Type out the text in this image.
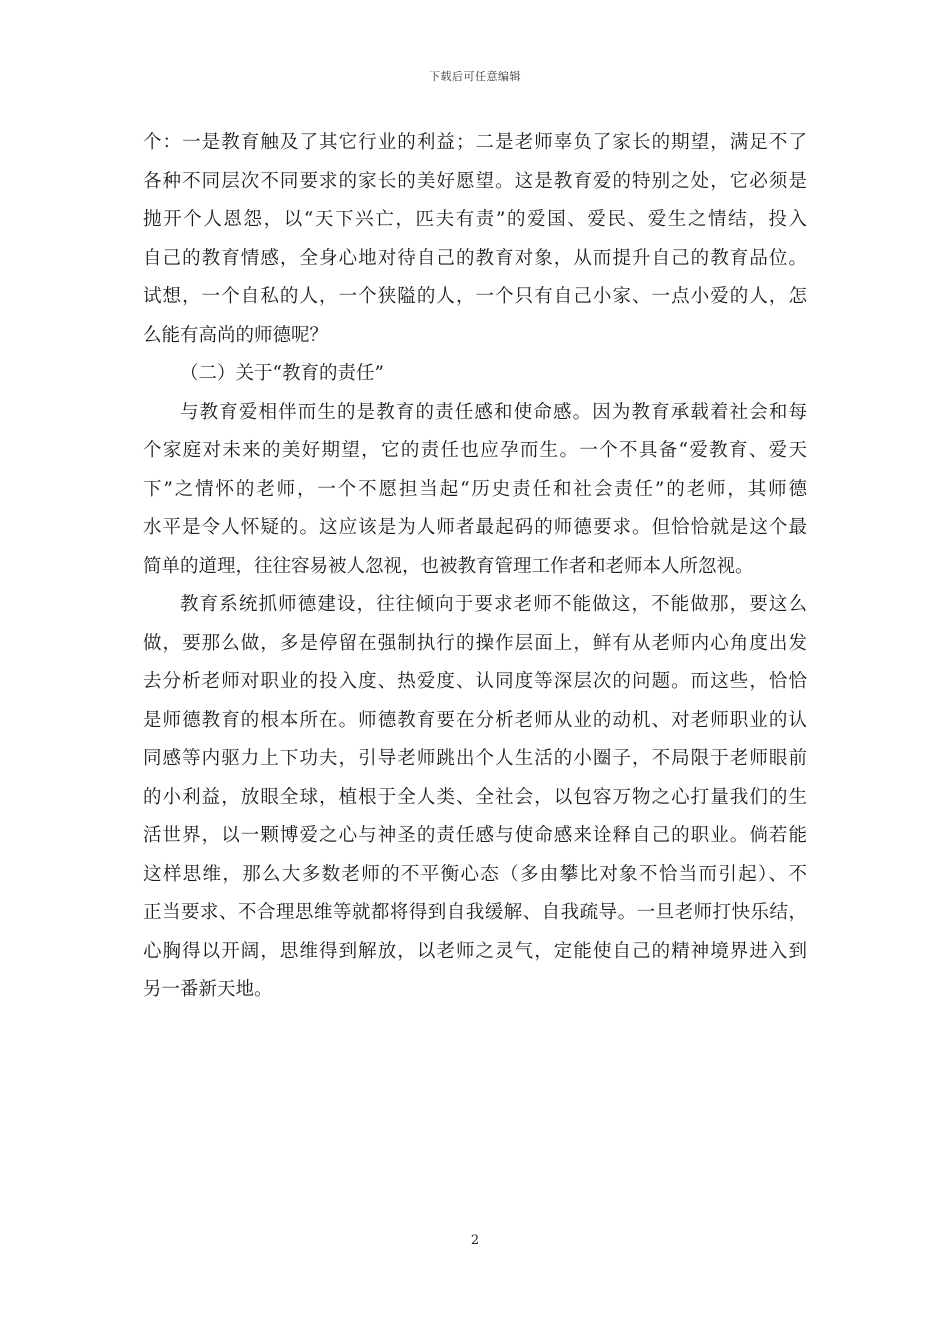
下载后可任意编辑
个：一是教育触及了其它行业的利益；二是老师辜负了家长的期望，满足不了
各种不同层次不同要求的家长的美好愿望。这是教育爱的特别之处，它必须是
抛开个人恩怨，以“天下兴亡，匹夫有责”的爱国、爱民、爱生之情结，投入
自己的教育情感，全身心地对待自己的教育对象，从而提升自己的教育品位。
试想，一个自私的人，一个狭隘的人，一个只有自己小家、一点小爱的人，怎
么能有高尚的师德呢？
（二）关于“教育的责任”
与教育爱相伴而生的是教育的责任感和使命感。因为教育承载着社会和每
个家庭对未来的美好期望，它的责任也应孕而生。一个不具备“爱教育、爱天
下”之情怀的老师，一个不愿担当起“历史责任和社会责任”的老师，其师德
水平是令人怀疑的。这应该是为人师者最起码的师德要求。但恰恰就是这个最
简单的道理，往往容易被人忽视，也被教育管理工作者和老师本人所忽视。
教育系统抓师德建设，往往倾向于要求老师不能做这，不能做那，要这么
做，要那么做，多是停留在强制执行的操作层面上，鲜有从老师内心角度出发
去分析老师对职业的投入度、热爱度、认同度等深层次的问题。而这些，恰恰
是师德教育的根本所在。师德教育要在分析老师从业的动机、对老师职业的认
同感等内驱力上下功夫，引导老师跳出个人生活的小圈子，不局限于老师眼前
的小利益，放眼全球，植根于全人类、全社会，以包容万物之心打量我们的生
活世界，以一颗博爱之心与神圣的责任感与使命感来诠释自己的职业。倘若能
这样思维，那么大多数老师的不平衡心态（多由攀比对象不恰当而引起）、不
正当要求、不合理思维等就都将得到自我缓解、自我疏导。一旦老师打快乐结，
心胸得以开阔，思维得到解放，以老师之灵气，定能使自己的精神境界进入到
另一番新天地。
2
